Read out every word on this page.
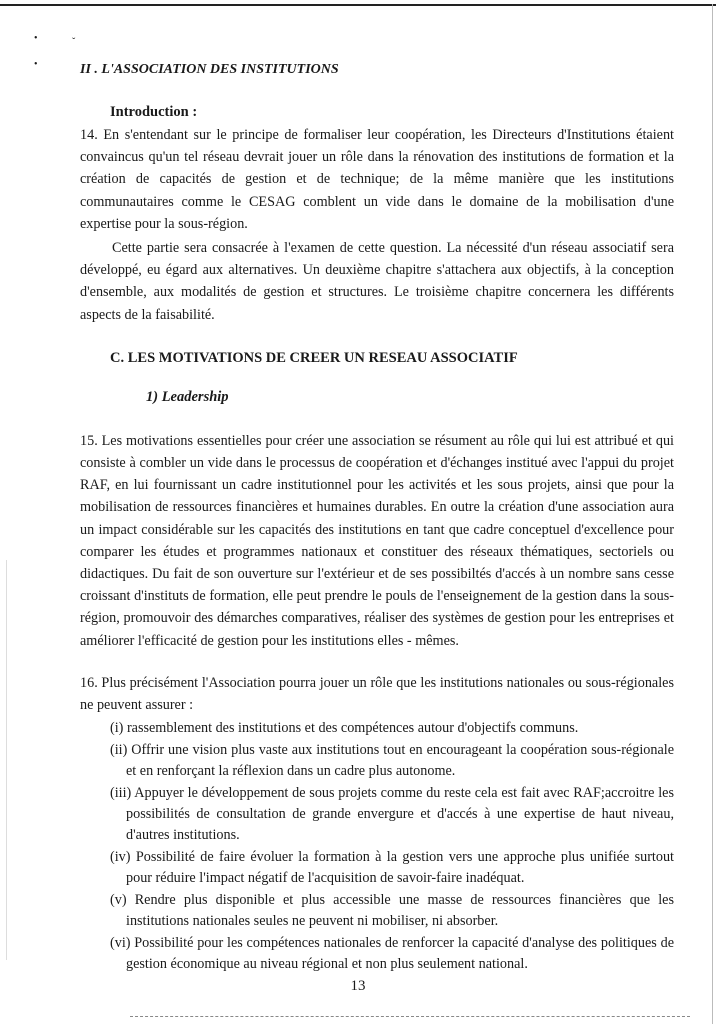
•	ˇ
•	II . L'ASSOCIATION DES INSTITUTIONS
Introduction :

14. En s'entendant sur le principe de formaliser leur coopération, les Directeurs d'Institutions étaient convaincus qu'un tel réseau devrait jouer un rôle dans la rénovation des institutions de formation et la création de capacités de gestion et de technique; de la même manière que les institutions communautaires comme le CESAG comblent un vide dans le domaine de la mobilisation d'une expertise pour la sous-région.

Cette partie sera consacrée à l'examen de cette question. La nécessité d'un réseau associatif sera développé, eu égard aux alternatives. Un deuxième chapitre s'attachera aux objectifs, à la conception d'ensemble, aux modalités de gestion et structures. Le troisième chapitre concernera les différents aspects de la faisabilité.

C. LES MOTIVATIONS DE CREER UN RESEAU ASSOCIATIF
1) Leadership

15. Les motivations essentielles pour créer une association se résument au rôle qui lui est attribué et qui consiste à combler un vide dans le processus de coopération et d'échanges institué avec l'appui du projet RAF, en lui fournissant un cadre institutionnel pour les activités et les sous projets, ainsi que pour la mobilisation de ressources financières et humaines durables. En outre la création d'une association aura un impact considérable sur les capacités des institutions en tant que cadre conceptuel d'excellence pour comparer les études et programmes nationaux et constituer des réseaux thématiques, sectoriels ou didactiques. Du fait de son ouverture sur l'extérieur et de ses possibiltés d'accés à un nombre sans cesse croissant d'instituts de formation, elle peut prendre le pouls de l'enseignement de la gestion dans la sous-région, promouvoir des démarches comparatives, réaliser des systèmes de gestion pour les entreprises et améliorer l'efficacité de gestion pour les institutions elles - mêmes.

16. Plus précisément l'Association pourra jouer un rôle que les institutions nationales ou sous-régionales ne peuvent assurer :

(i) rassemblement des institutions et des compétences autour d'objectifs communs.
(ii) Offrir une vision plus vaste aux institutions tout en encourageant la coopération sous-régionale et en renforçant la réflexion dans un cadre plus autonome.
(iii) Appuyer le développement de sous projets comme du reste cela est fait avec RAF;accroitre les possibilités de consultation de grande envergure et d'accés à une expertise de haut niveau, d'autres institutions.
(iv) Possibilité de faire évoluer la formation à la gestion vers une approche plus unifiée surtout pour réduire l'impact négatif de l'acquisition de savoir-faire inadéquat.
(v) Rendre plus disponible et plus accessible une masse de ressources financières que les institutions nationales seules ne peuvent ni mobiliser, ni absorber.
(vi) Possibilité pour les compétences nationales de renforcer la capacité d'analyse des politiques de gestion économique au niveau régional et non plus seulement national.
13
